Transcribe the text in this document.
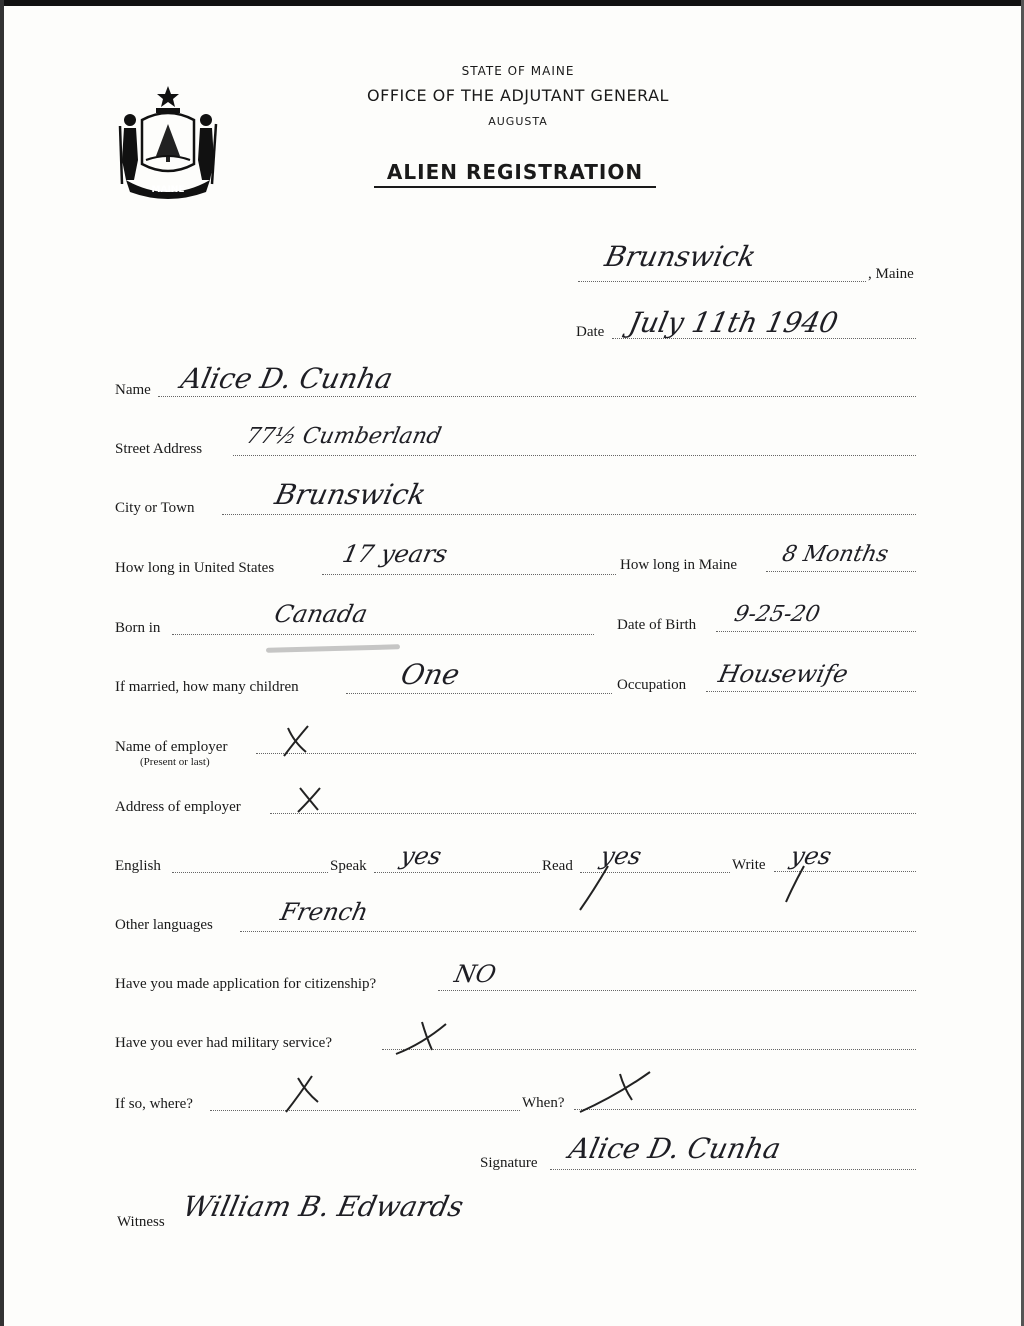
MAINE
STATE OF MAINE
OFFICE OF THE ADJUTANT GENERAL
AUGUSTA
ALIEN REGISTRATION
Brunswick
, Maine
Date July 11th 1940
Name Alice D. Cunha
Street Address 77½ Cumberland
City or Town	Brunswick
How long in United States	17 years	How long in Maine 8 Months
Born in	Canada	Date of Birth 9-25-20
If married, how many children	One	Occupation Housewife
Name of employer
(Present or last)
Address of employer
English	Speak yes	Read yes	Write yes
Other languages	French
Have you made application for citizenship?	NO
Have you ever had military service?
If so, where?	When?
Signature Alice D. Cunha
Witness William B. Edwards
